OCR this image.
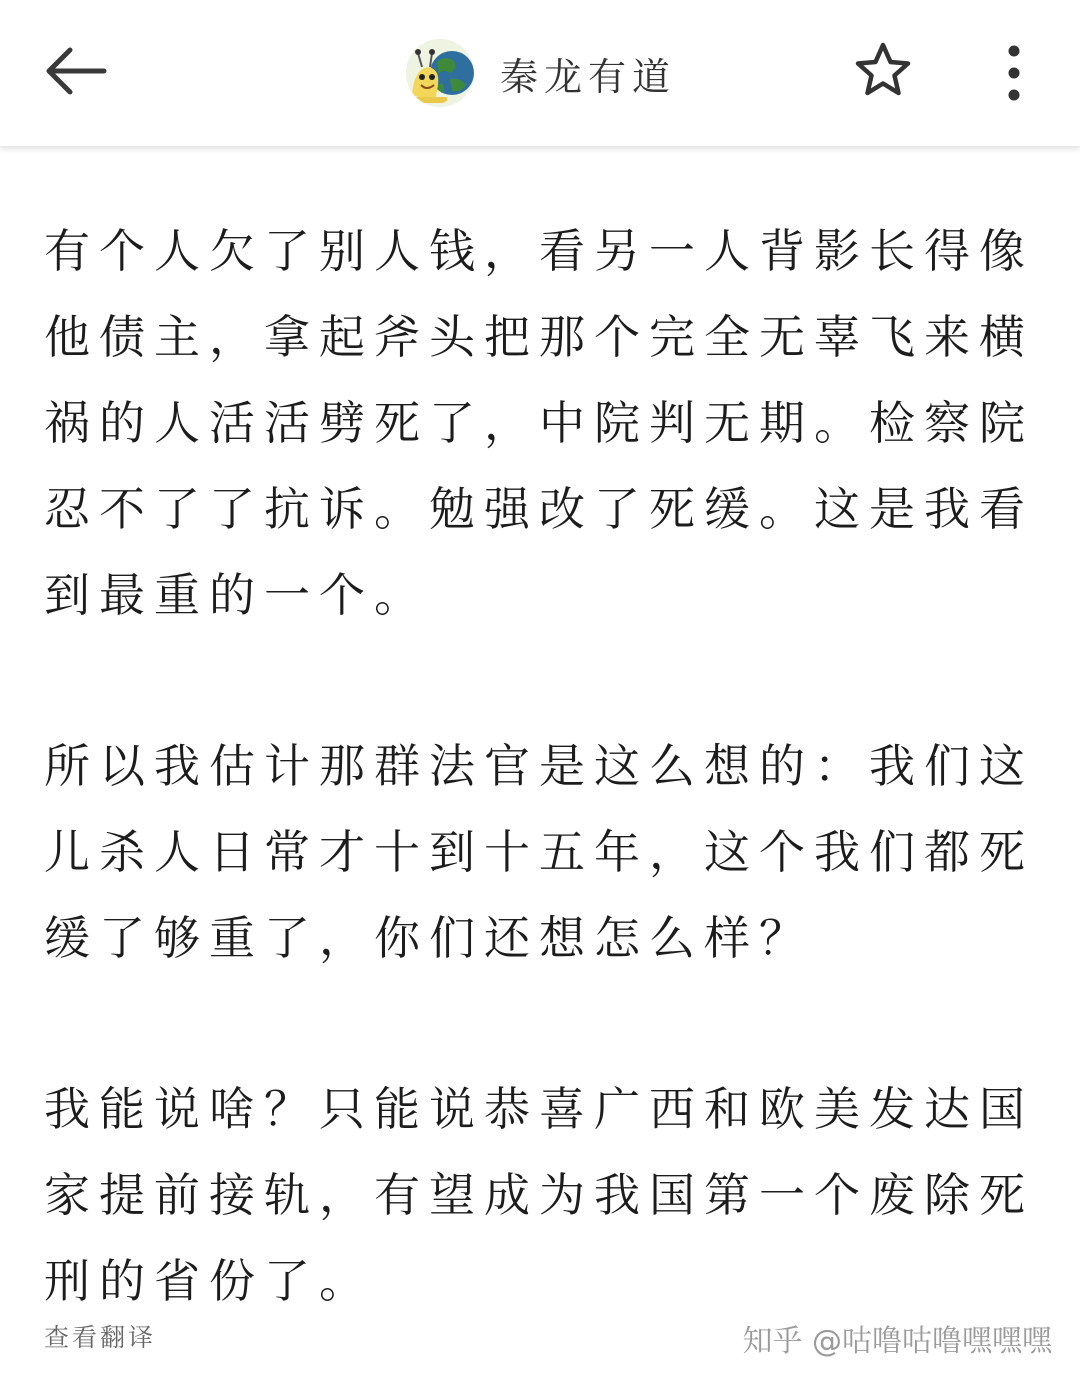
秦龙有道

有个人欠了别人钱，看另一人背影长得像他债主，拿起斧头把那个完全无辜飞来横祸的人活活劈死了，中院判无期。检察院忍不了了抗诉。勉强改了死缓。这是我看到最重的一个。

所以我估计那群法官是这么想的：我们这儿杀人日常才十到十五年，这个我们都死缓了够重了，你们还想怎么样？

我能说啥？只能说恭喜广西和欧美发达国家提前接轨，有望成为我国第一个废除死刑的省份了。

查看翻译	知乎 @咕噜咕噜嘿嘿嘿
